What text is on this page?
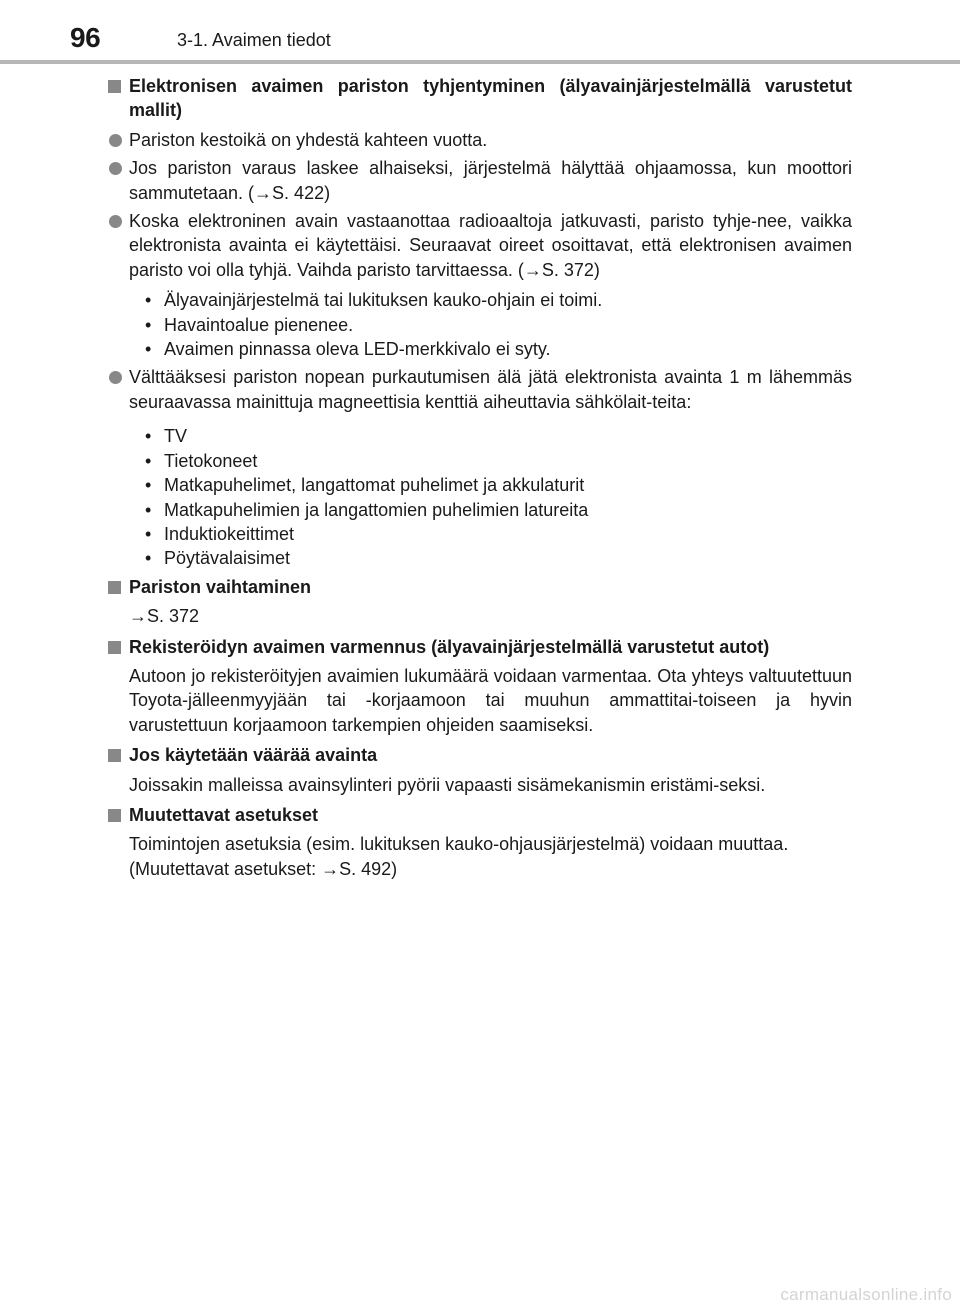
96	3-1. Avaimen tiedot
Elektronisen avaimen pariston tyhjentyminen (älyavainjärjestelmällä varustetut mallit)
Pariston kestoikä on yhdestä kahteen vuotta.
Jos pariston varaus laskee alhaiseksi, järjestelmä hälyttää ohjaamossa, kun moottori sammutetaan. (→S. 422)
Koska elektroninen avain vastaanottaa radioaaltoja jatkuvasti, paristo tyhje-nee, vaikka elektronista avainta ei käytettäisi. Seuraavat oireet osoittavat, että elektronisen avaimen paristo voi olla tyhjä. Vaihda paristo tarvittaessa. (→S. 372)
• Älyavainjärjestelmä tai lukituksen kauko-ohjain ei toimi.
• Havaintoalue pienenee.
• Avaimen pinnassa oleva LED-merkkivalo ei syty.
Välttääksesi pariston nopean purkautumisen älä jätä elektronista avainta 1 m lähemmäs seuraavassa mainittuja magneettisia kenttiä aiheuttavia sähkölait-teita:
• TV
• Tietokoneet
• Matkapuhelimet, langattomat puhelimet ja akkulaturit
• Matkapuhelimien ja langattomien puhelimien latureita
• Induktiokeittimet
• Pöytävalaisimet
Pariston vaihtaminen
→S. 372
Rekisteröidyn avaimen varmennus (älyavainjärjestelmällä varustetut autot)
Autoon jo rekisteröityjen avaimien lukumäärä voidaan varmentaa. Ota yhteys valtuutettuun Toyota-jälleenmyyjään tai -korjaamoon tai muuhun ammattitai-toiseen ja hyvin varustettuun korjaamoon tarkempien ohjeiden saamiseksi.
Jos käytetään väärää avainta
Joissakin malleissa avainsylinteri pyörii vapaasti sisämekanismin eristämi-seksi.
Muutettavat asetukset
Toimintojen asetuksia (esim. lukituksen kauko-ohjausjärjestelmä) voidaan muuttaa.
(Muutettavat asetukset: →S. 492)
carmanualsonline.info
